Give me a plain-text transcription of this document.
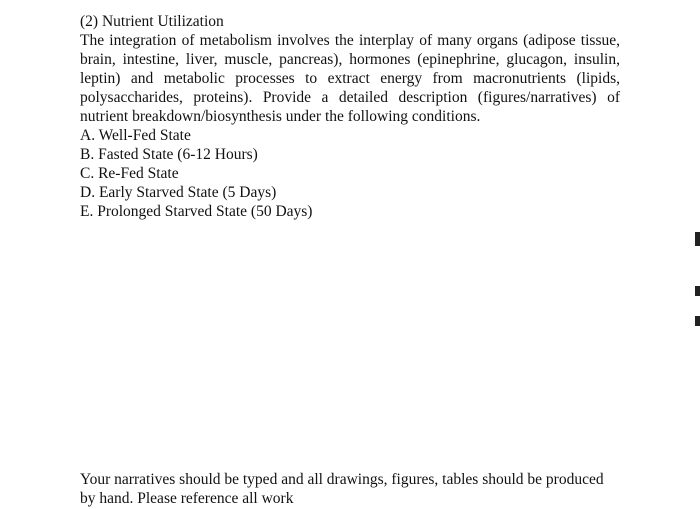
(2) Nutrient Utilization

The integration of metabolism involves the interplay of many organs (adipose tissue, brain, intestine, liver, muscle, pancreas), hormones (epinephrine, glucagon, insulin, leptin) and metabolic processes to extract energy from macronutrients (lipids, polysaccharides, proteins). Provide a detailed description (figures/narratives) of nutrient breakdown/biosynthesis under the following conditions.

A. Well-Fed State
B. Fasted State (6-12 Hours)
C. Re-Fed State
D. Early Starved State (5 Days)
E. Prolonged Starved State (50 Days)

Your narratives should be typed and all drawings, figures, tables should be produced by hand. Please reference all work
